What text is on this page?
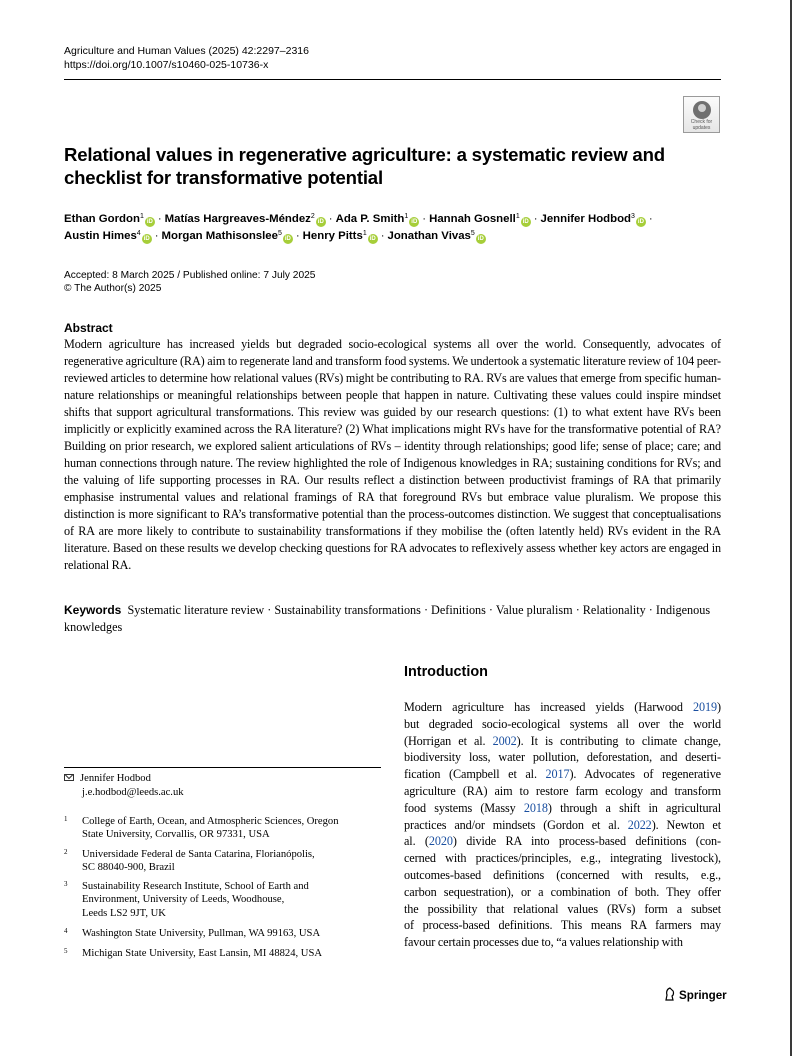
Agriculture and Human Values (2025) 42:2297–2316
https://doi.org/10.1007/s10460-025-10736-x
Check for
updates
Relational values in regenerative agriculture: a systematic review and checklist for transformative potential
Ethan Gordon$^1$iD · Matías Hargreaves-Méndez$^2$iD · Ada P. Smith$^1$iD · Hannah Gosnell$^1$iD · Jennifer Hodbod$^3$iD ·
Austin Himes$^4$iD · Morgan Mathisonslee$^5$iD · Henry Pitts$^1$iD · Jonathan Vivas$^5$iD
Accepted: 8 March 2025 / Published online: 7 July 2025
© The Author(s) 2025
Abstract

Modern agriculture has increased yields but degraded socio-ecological systems all over the world. Consequently, advocates of regenerative agriculture (RA) aim to regenerate land and transform food systems. We undertook a systematic literature review of 104 peer-reviewed articles to determine how relational values (RVs) might be contributing to RA. RVs are values that emerge from specific human-nature relationships or meaningful relationships between people that happen in nature. Cultivating these values could inspire mindset shifts that support agricultural transformations. This review was guided by our research questions: (1) to what extent have RVs been implicitly or explicitly examined across the RA literature? (2) What implications might RVs have for the transformative potential of RA? Building on prior research, we explored salient articulations of RVs – identity through relationships; good life; sense of place; care; and human connections through nature. The review highlighted the role of Indigenous knowledges in RA; sustaining conditions for RVs; and the valuing of life supporting processes in RA. Our results reflect a distinction between productivist framings of RA that primarily emphasise instrumental values and relational framings of RA that foreground RVs but embrace value pluralism. We propose this distinction is more significant to RA’s transformative potential than the process-outcomes distinction. We suggest that conceptualisations of RA are more likely to contribute to sustainability transformations if they mobilise the (often latently held) RVs evident in the RA literature. Based on these results we develop checking questions for RA advocates to reflexively assess whether key actors are engaged in relational RA.

Keywords Systematic literature review · Sustainability transformations · Definitions · Value pluralism · Relationality · Indigenous knowledges

Jennifer Hodbod
j.e.hodbod@leeds.ac.uk
1 College of Earth, Ocean, and Atmospheric Sciences, Oregon
State University, Corvallis, OR 97331, USA
2 Universidade Federal de Santa Catarina, Florianópolis,
SC 88040-900, Brazil
3 Sustainability Research Institute, School of Earth and
Environment, University of Leeds, Woodhouse,
Leeds LS2 9JT, UK
4 Washington State University, Pullman, WA 99163, USA
5 Michigan State University, East Lansin, MI 48824, USA
Introduction
Modern agriculture has increased yields (Harwood 2019)
but degraded socio-ecological systems all over the world
(Horrigan et al. 2002). It is contributing to climate change,
biodiversity loss, water pollution, deforestation, and deserti-
fication (Campbell et al. 2017). Advocates of regenerative
agriculture (RA) aim to restore farm ecology and transform
food systems (Massy 2018) through a shift in agricultural
practices and/or mindsets (Gordon et al. 2022). Newton et
al. (2020) divide RA into process-based definitions (con-
cerned with practices/principles, e.g., integrating livestock),
outcomes-based definitions (concerned with results, e.g.,
carbon sequestration), or a combination of both. They offer
the possibility that relational values (RVs) form a subset
of process-based definitions. This means RA farmers may
favour certain processes due to, “a values relationship with
Springer
